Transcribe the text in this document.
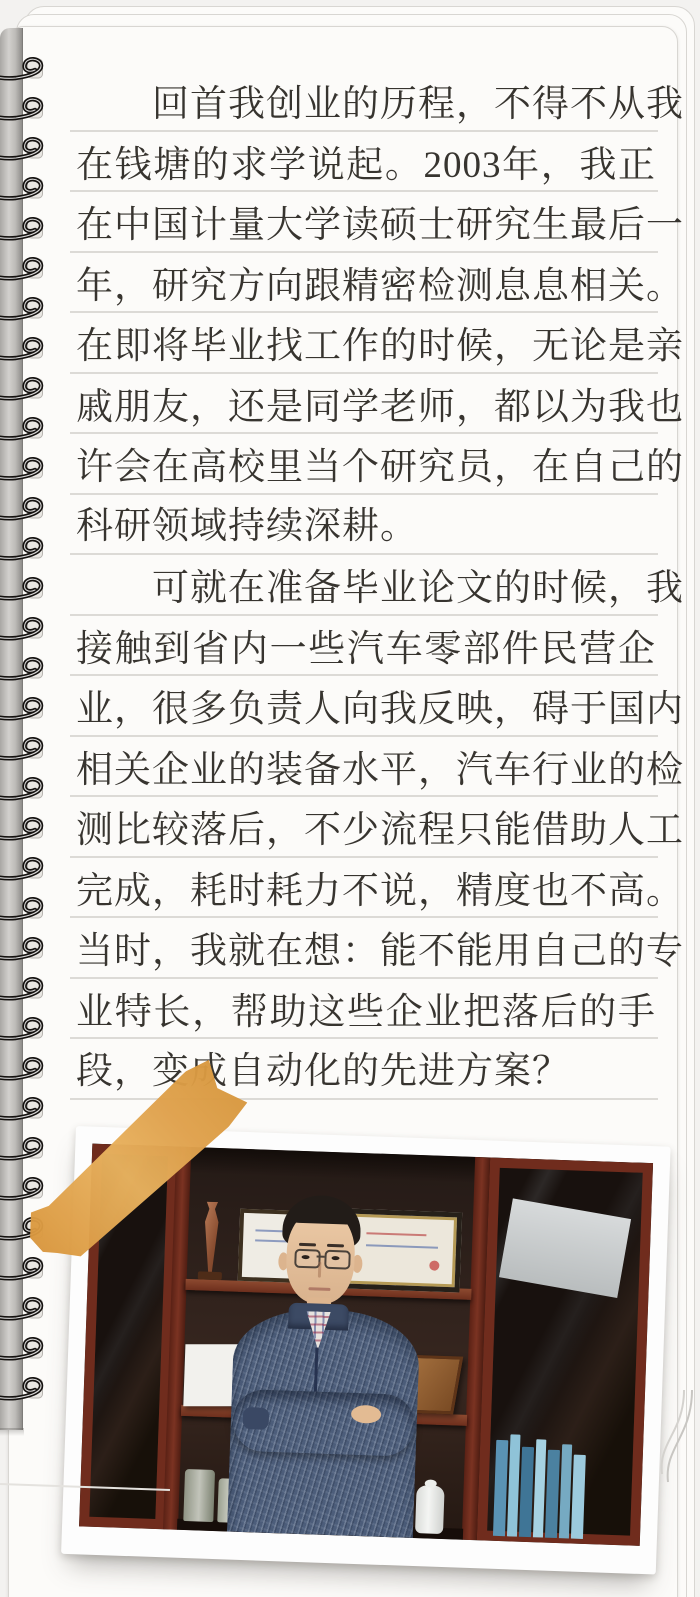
　　回首我创业的历程，不得不从我
在钱塘的求学说起。2003年，我正
在中国计量大学读硕士研究生最后一
年，研究方向跟精密检测息息相关。
在即将毕业找工作的时候，无论是亲
戚朋友，还是同学老师，都以为我也
许会在高校里当个研究员，在自己的
科研领域持续深耕。
　　可就在准备毕业论文的时候，我
接触到省内一些汽车零部件民营企
业，很多负责人向我反映，碍于国内
相关企业的装备水平，汽车行业的检
测比较落后，不少流程只能借助人工
完成，耗时耗力不说，精度也不高。
当时，我就在想：能不能用自己的专
业特长，帮助这些企业把落后的手
段，变成自动化的先进方案？
